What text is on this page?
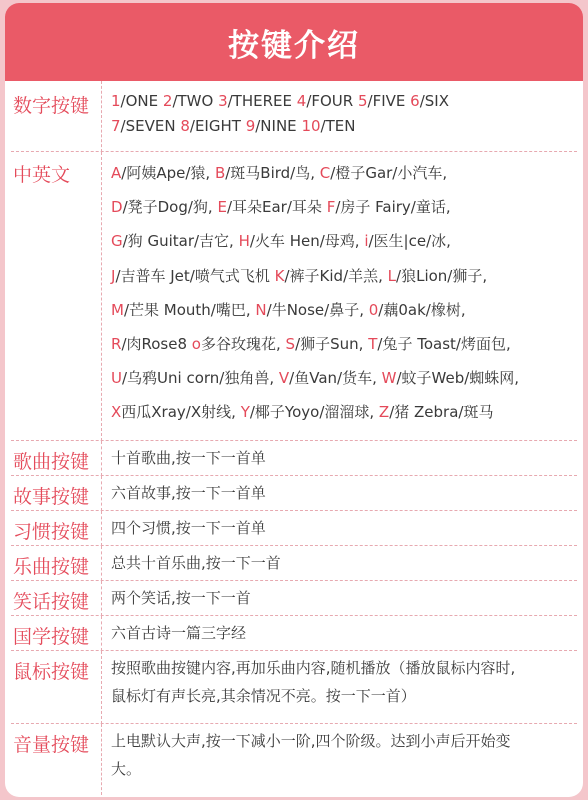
按键介绍
数字按键	1/ONE 2/TWO 3/THEREE 4/FOUR 5/FIVE 6/SIX
7/SEVEN 8/EIGHT 9/NINE 10/TEN
中英文	A/阿姨Ape/猿, B/斑马Bird/鸟, C/橙子Gar/小汽车,
D/凳子Dog/狗, E/耳朵Ear/耳朵 F/房子 Fairy/童话,
G/狗 Guitar/吉它, H/火车 Hen/母鸡, i/医生|ce/冰,
J/吉普车 Jet/喷气式飞机 K/裤子Kid/羊羔, L/狼Lion/狮子,
M/芒果 Mouth/嘴巴, N/牛Nose/鼻子, 0/藕0ak/橡树,
R/肉Rose8 o多谷玫瑰花, S/狮子Sun, T/兔子 Toast/烤面包,
U/乌鸦Uni corn/独角兽, V/鱼Van/货车, W/蚊子Web/蜘蛛网,
X西瓜Xray/X射线, Y/椰子Yoyo/溜溜球, Z/猪 Zebra/斑马
歌曲按键	十首歌曲,按一下一首单
故事按键	六首故事,按一下一首单
习惯按键	四个习惯,按一下一首单
乐曲按键	总共十首乐曲,按一下一首
笑话按键	两个笑话,按一下一首
国学按键	六首古诗一篇三字经
鼠标按键	按照歌曲按键内容,再加乐曲内容,随机播放（播放鼠标内容时,
鼠标灯有声长亮,其余情况不亮。按一下一首）
音量按键	上电默认大声,按一下减小一阶,四个阶级。达到小声后开始变
大。
